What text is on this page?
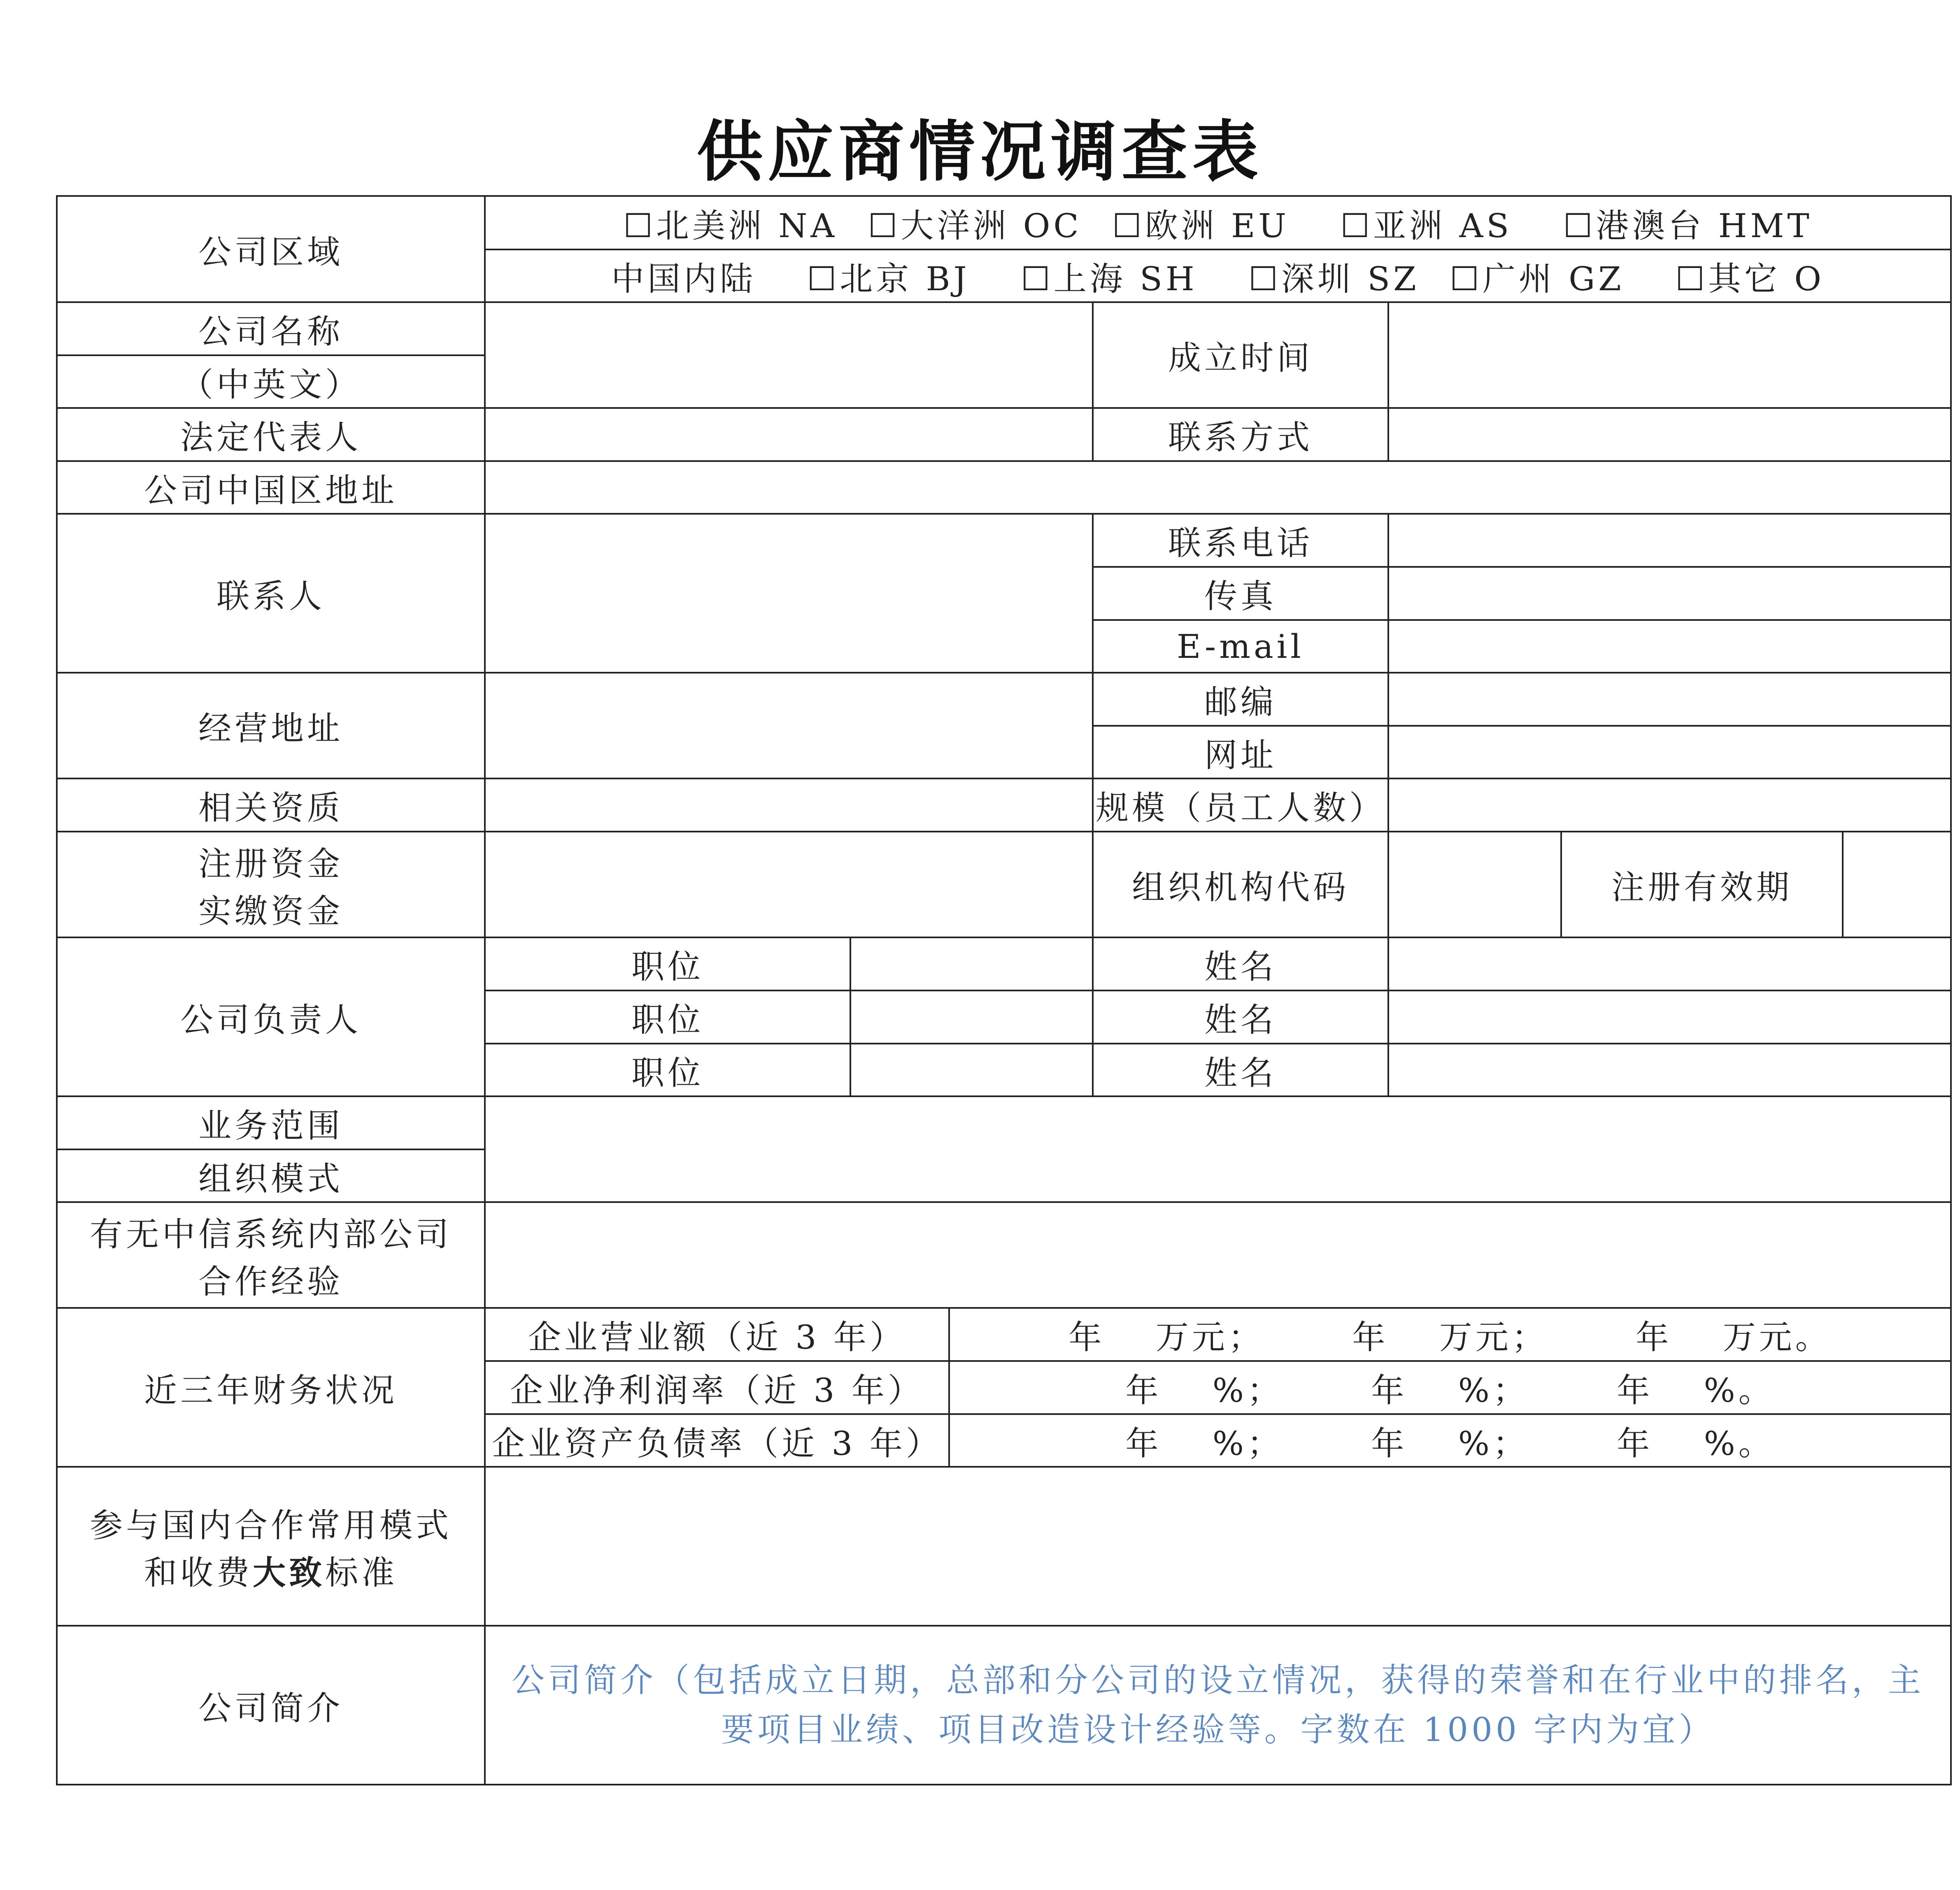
供应商情况调查表
公司区域	☐北美洲 NA ☐大洋洲 OC ☐欧洲 EU ☐亚洲 AS ☐港澳台 HMT						
	中国内陆 ☐北京 BJ ☐上海 SH ☐深圳 SZ ☐广州 GZ ☐其它 O						
公司名称				成立时间			
（中英文）							
法定代表人				联系方式			
公司中国区地址							
联系人				联系电话			
				传真			
				E-mail			
经营地址				邮编			
				网址			
相关资质				规模（员工人数）			

注册资金
实缴资金				组织机构代码		注册有效期	
公司负责人	职位			姓名			
	职位			姓名			
	职位			姓名			
业务范围							
组织模式							

有无中信系统内部公司
合作经验							

近三年财务状况	企业营业额（近 3 年）		年 万元； 年 万元； 年 万元。				
	企业净利润率（近 3 年）		年 %； 年 %； 年 %。				
	企业资产负债率（近 3 年）		年 %； 年 %； 年 %。				

参与国内合作常用模式
和收费大致标准							

公司简介	公司简介（包括成立日期，总部和分公司的设立情况，获得的荣誉和在行业中的排名，主要项目业绩、项目改造设计经验等。字数在 1000 字内为宜）						
